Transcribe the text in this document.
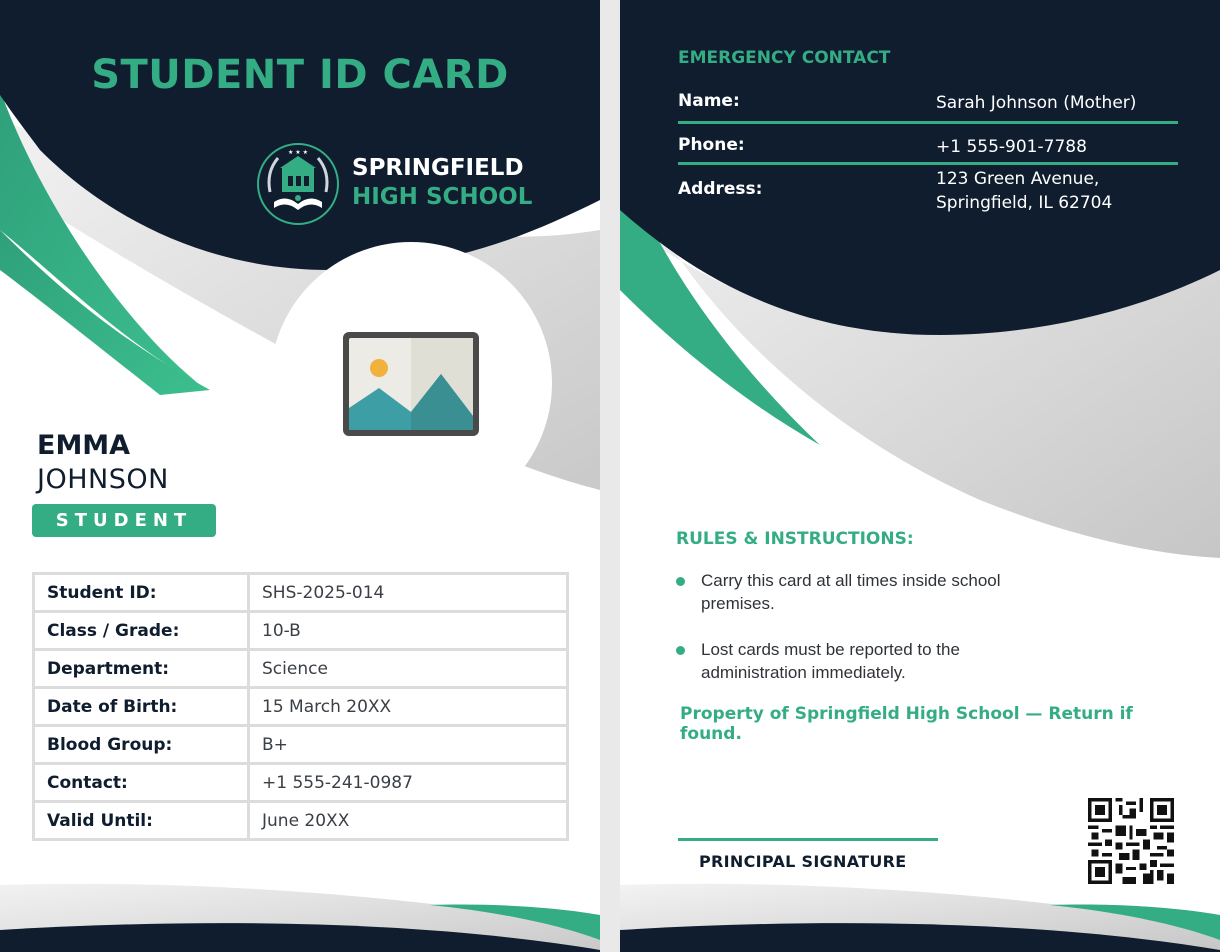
STUDENT ID CARD
★ ★ ★
SPRINGFIELD
HIGH SCHOOL
EMMA
JOHNSON
STUDENT
Student ID:	SHS-2025-014
Class / Grade:	10-B
Department:	Science
Date of Birth:	15 March 20XX
Blood Group:	B+
Contact:	+1 555-241-0987
Valid Until:	June 20XX
EMERGENCY CONTACT
Name:	Sarah Johnson (Mother)
Phone:	+1 555-901-7788
Address:	123 Green Avenue,
Springfield, IL 62704
RULES & INSTRUCTIONS:
Carry this card at all times inside school
premises.
Lost cards must be reported to the
administration immediately.
Property of Springfield High School — Return if found.
PRINCIPAL SIGNATURE
